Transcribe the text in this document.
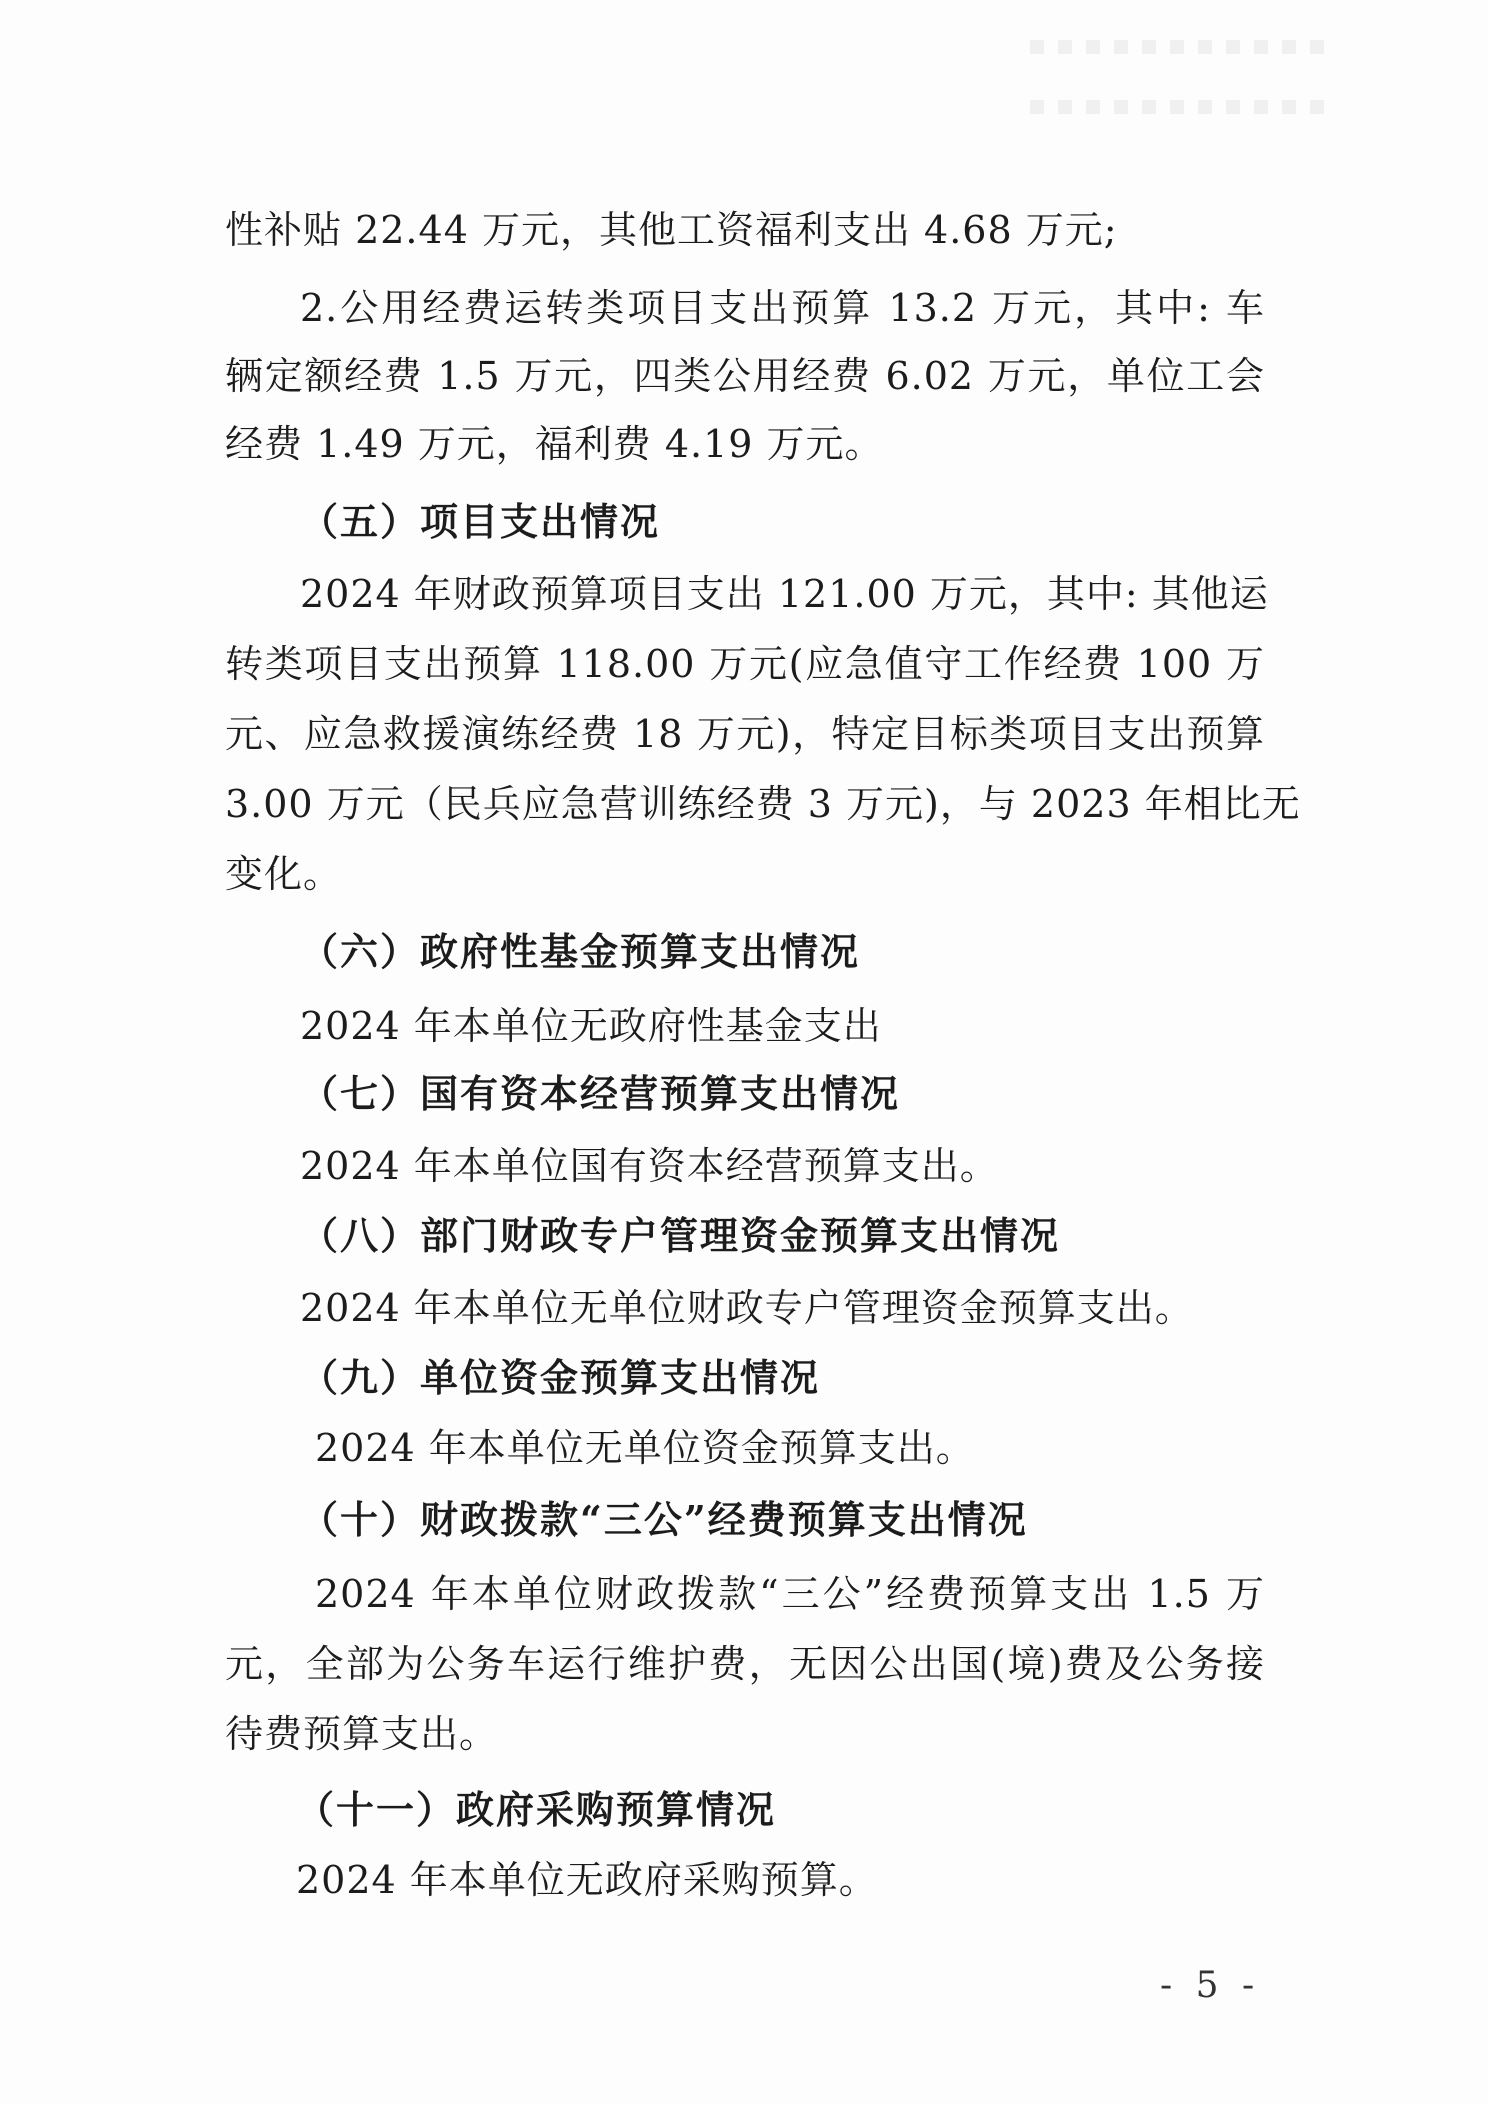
性补贴 22.44 万元，其他工资福利支出 4.68 万元;
2.公用经费运转类项目支出预算 13.2 万元，其中: 车
辆定额经费 1.5 万元，四类公用经费 6.02 万元，单位工会
经费 1.49 万元，福利费 4.19 万元。
（五）项目支出情况
2024 年财政预算项目支出 121.00 万元，其中: 其他运
转类项目支出预算 118.00 万元(应急值守工作经费 100 万
元、应急救援演练经费 18 万元)，特定目标类项目支出预算
3.00 万元（民兵应急营训练经费 3 万元)，与 2023 年相比无
变化。
（六）政府性基金预算支出情况
2024 年本单位无政府性基金支出
（七）国有资本经营预算支出情况
2024 年本单位国有资本经营预算支出。
（八）部门财政专户管理资金预算支出情况
2024 年本单位无单位财政专户管理资金预算支出。
（九）单位资金预算支出情况
2024 年本单位无单位资金预算支出。
（十）财政拨款“三公”经费预算支出情况
2024 年本单位财政拨款“三公”经费预算支出 1.5 万
元，全部为公务车运行维护费，无因公出国(境)费及公务接
待费预算支出。
（十一）政府采购预算情况
2024 年本单位无政府采购预算。
- 5 -
